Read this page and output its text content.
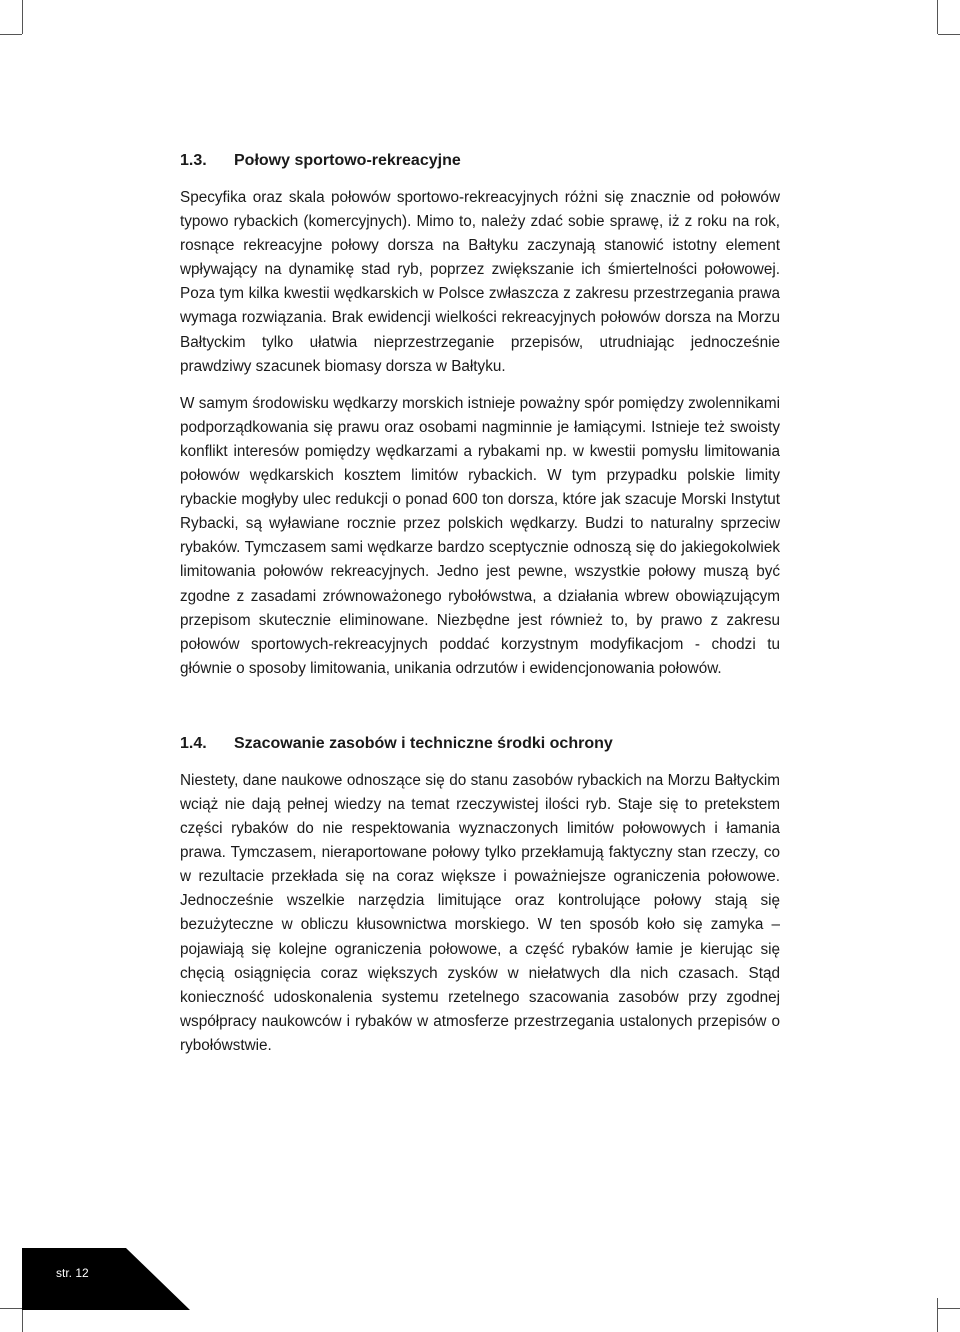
1.3.	Połowy sportowo-rekreacyjne

Specyfika oraz skala połowów sportowo-rekreacyjnych różni się znacznie od połowów typowo rybackich (komercyjnych). Mimo to, należy zdać sobie sprawę, iż z roku na rok, rosnące rekreacyjne połowy dorsza na Bałtyku zaczynają stanowić istotny element wpływający na dynamikę stad ryb, poprzez zwiększanie ich śmiertelności połowowej. Poza tym kilka kwestii wędkarskich w Polsce zwłaszcza z zakresu przestrzegania prawa wymaga rozwiązania. Brak ewidencji wielkości rekreacyjnych połowów dorsza na Morzu Bałtyckim tylko ułatwia nieprzestrzeganie przepisów, utrudniając jednocześnie prawdziwy szacunek biomasy dorsza w Bałtyku.

W samym środowisku wędkarzy morskich istnieje poważny spór pomiędzy zwolennikami podporządkowania się prawu oraz osobami nagminnie je łamiącymi. Istnieje też swoisty konflikt interesów pomiędzy wędkarzami a rybakami np. w kwestii pomysłu limitowania połowów wędkarskich kosztem limitów rybackich. W tym przypadku polskie limity rybackie mogłyby ulec redukcji o ponad 600 ton dorsza, które jak szacuje Morski Instytut Rybacki, są wyławiane rocznie przez polskich wędkarzy. Budzi to naturalny sprzeciw rybaków. Tymczasem sami wędkarze bardzo sceptycznie odnoszą się do jakiegokolwiek limitowania połowów rekreacyjnych. Jedno jest pewne, wszystkie połowy muszą być zgodne z zasadami zrównoważonego rybołówstwa, a działania wbrew obowiązującym przepisom skutecznie eliminowane. Niezbędne jest również to, by prawo z zakresu połowów sportowych-rekreacyjnych poddać korzystnym modyfikacjom - chodzi tu głównie o sposoby limitowania, unikania odrzutów i ewidencjonowania połowów.

1.4.	Szacowanie zasobów i techniczne środki ochrony

Niestety, dane naukowe odnoszące się do stanu zasobów rybackich na Morzu Bałtyckim wciąż nie dają pełnej wiedzy na temat rzeczywistej ilości ryb. Staje się to pretekstem części rybaków do nie respektowania wyznaczonych limitów połowowych i łamania prawa. Tymczasem, nieraportowane połowy tylko przekłamują faktyczny stan rzeczy, co w rezultacie przekłada się na coraz większe i poważniejsze ograniczenia połowowe. Jednocześnie wszelkie narzędzia limitujące oraz kontrolujące połowy stają się bezużyteczne w obliczu kłusownictwa morskiego. W ten sposób koło się zamyka – pojawiają się kolejne ograniczenia połowowe, a część rybaków łamie je kierując się chęcią osiągnięcia coraz większych zysków w niełatwych dla nich czasach. Stąd konieczność udoskonalenia systemu rzetelnego szacowania zasobów przy zgodnej współpracy naukowców i rybaków w atmosferze przestrzegania ustalonych przepisów o rybołówstwie.

str. 12
